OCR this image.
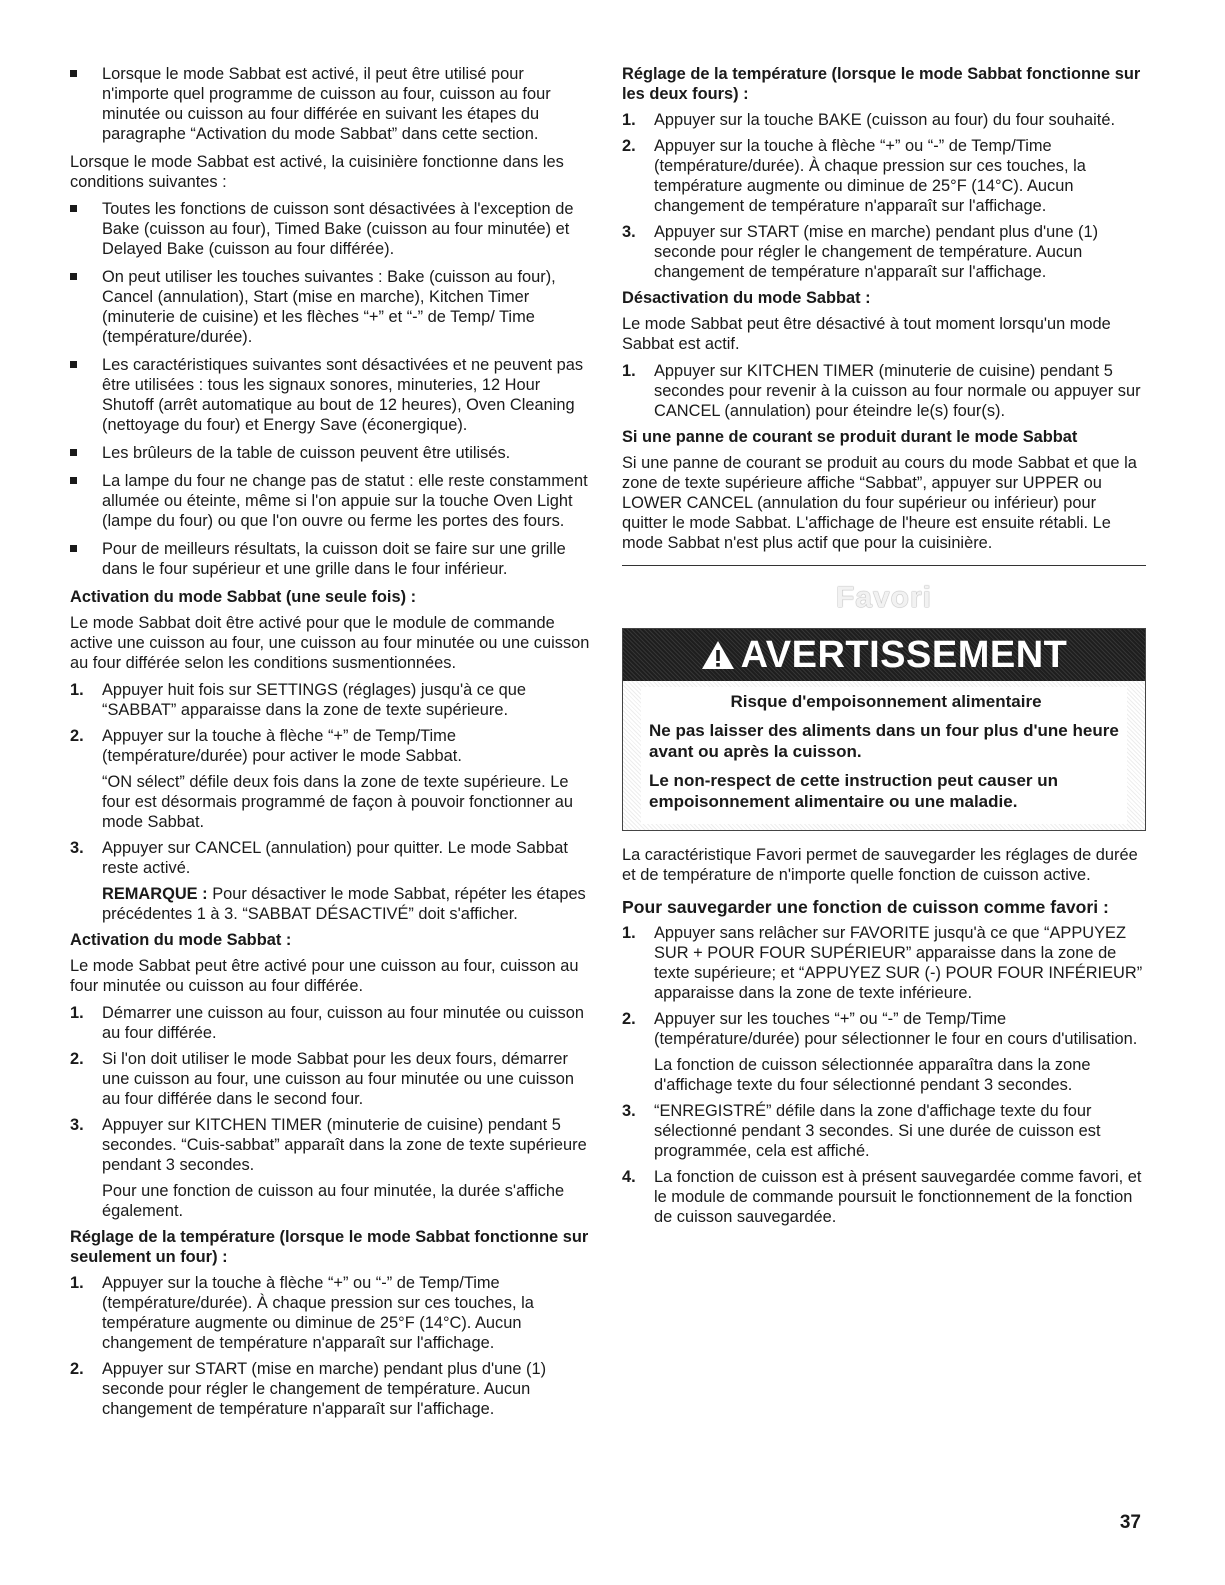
Lorsque le mode Sabbat est activé, il peut être utilisé pour n'importe quel programme de cuisson au four, cuisson au four minutée ou cuisson au four différée en suivant les étapes du paragraphe “Activation du mode Sabbat” dans cette section.

Lorsque le mode Sabbat est activé, la cuisinière fonctionne dans les conditions suivantes :

Toutes les fonctions de cuisson sont désactivées à l'exception de Bake (cuisson au four), Timed Bake (cuisson au four minutée) et Delayed Bake (cuisson au four différée).
On peut utiliser les touches suivantes : Bake (cuisson au four), Cancel (annulation), Start (mise en marche), Kitchen Timer (minuterie de cuisine) et les flèches “+” et “-” de Temp/ Time (température/durée).
Les caractéristiques suivantes sont désactivées et ne peuvent pas être utilisées : tous les signaux sonores, minuteries, 12 Hour Shutoff (arrêt automatique au bout de 12 heures), Oven Cleaning (nettoyage du four) et Energy Save (éconergique).
Les brûleurs de la table de cuisson peuvent être utilisés.
La lampe du four ne change pas de statut : elle reste constamment allumée ou éteinte, même si l'on appuie sur la touche Oven Light (lampe du four) ou que l'on ouvre ou ferme les portes des fours.
Pour de meilleurs résultats, la cuisson doit se faire sur une grille dans le four supérieur et une grille dans le four inférieur.
Activation du mode Sabbat (une seule fois) :

Le mode Sabbat doit être activé pour que le module de commande active une cuisson au four, une cuisson au four minutée ou une cuisson au four différée selon les conditions susmentionnées.

1. Appuyer huit fois sur SETTINGS (réglages) jusqu'à ce que “SABBAT” apparaisse dans la zone de texte supérieure.

2. Appuyer sur la touche à flèche “+” de Temp/Time (température/durée) pour activer le mode Sabbat.

“ON sélect” défile deux fois dans la zone de texte supérieure. Le four est désormais programmé de façon à pouvoir fonctionner au mode Sabbat.

3. Appuyer sur CANCEL (annulation) pour quitter. Le mode Sabbat reste activé.

REMARQUE : Pour désactiver le mode Sabbat, répéter les étapes précédentes 1 à 3. “SABBAT DÉSACTIVÉ” doit s'afficher.

Activation du mode Sabbat :

Le mode Sabbat peut être activé pour une cuisson au four, cuisson au four minutée ou cuisson au four différée.

1. Démarrer une cuisson au four, cuisson au four minutée ou cuisson au four différée.

2. Si l'on doit utiliser le mode Sabbat pour les deux fours, démarrer une cuisson au four, une cuisson au four minutée ou une cuisson au four différée dans le second four.

3. Appuyer sur KITCHEN TIMER (minuterie de cuisine) pendant 5 secondes. “Cuis-sabbat” apparaît dans la zone de texte supérieure pendant 3 secondes.

Pour une fonction de cuisson au four minutée, la durée s'affiche également.

Réglage de la température (lorsque le mode Sabbat fonctionne sur seulement un four) :
1. Appuyer sur la touche à flèche “+” ou “-” de Temp/Time (température/durée). À chaque pression sur ces touches, la température augmente ou diminue de 25°F (14°C). Aucun changement de température n'apparaît sur l'affichage.

2. Appuyer sur START (mise en marche) pendant plus d'une (1) seconde pour régler le changement de température. Aucun changement de température n'apparaît sur l'affichage.

Réglage de la température (lorsque le mode Sabbat fonctionne sur les deux fours) :
1. Appuyer sur la touche BAKE (cuisson au four) du four souhaité.

2. Appuyer sur la touche à flèche “+” ou “-” de Temp/Time (température/durée). À chaque pression sur ces touches, la température augmente ou diminue de 25°F (14°C). Aucun changement de température n'apparaît sur l'affichage.

3. Appuyer sur START (mise en marche) pendant plus d'une (1) seconde pour régler le changement de température. Aucun changement de température n'apparaît sur l'affichage.

Désactivation du mode Sabbat :

Le mode Sabbat peut être désactivé à tout moment lorsqu'un mode Sabbat est actif.

1. Appuyer sur KITCHEN TIMER (minuterie de cuisine) pendant 5 secondes pour revenir à la cuisson au four normale ou appuyer sur CANCEL (annulation) pour éteindre le(s) four(s).

Si une panne de courant se produit durant le mode Sabbat

Si une panne de courant se produit au cours du mode Sabbat et que la zone de texte supérieure affiche “Sabbat”, appuyer sur UPPER ou LOWER CANCEL (annulation du four supérieur ou inférieur) pour quitter le mode Sabbat. L'affichage de l'heure est ensuite rétabli. Le mode Sabbat n'est plus actif que pour la cuisinière.

Favori
AVERTISSEMENT

Risque d'empoisonnement alimentaire

Ne pas laisser des aliments dans un four plus d'une heure avant ou après la cuisson.

Le non-respect de cette instruction peut causer un empoisonnement alimentaire ou une maladie.

La caractéristique Favori permet de sauvegarder les réglages de durée et de température de n'importe quelle fonction de cuisson active.

Pour sauvegarder une fonction de cuisson comme favori :
1. Appuyer sans relâcher sur FAVORITE jusqu'à ce que “APPUYEZ SUR + POUR FOUR SUPÉRIEUR” apparaisse dans la zone de texte supérieure; et “APPUYEZ SUR (-) POUR FOUR INFÉRIEUR” apparaisse dans la zone de texte inférieure.

2. Appuyer sur les touches “+” ou “-” de Temp/Time (température/durée) pour sélectionner le four en cours d'utilisation.

La fonction de cuisson sélectionnée apparaîtra dans la zone d'affichage texte du four sélectionné pendant 3 secondes.

3. “ENREGISTRÉ” défile dans la zone d'affichage texte du four sélectionné pendant 3 secondes. Si une durée de cuisson est programmée, cela est affiché.

4. La fonction de cuisson est à présent sauvegardée comme favori, et le module de commande poursuit le fonctionnement de la fonction de cuisson sauvegardée.

37
